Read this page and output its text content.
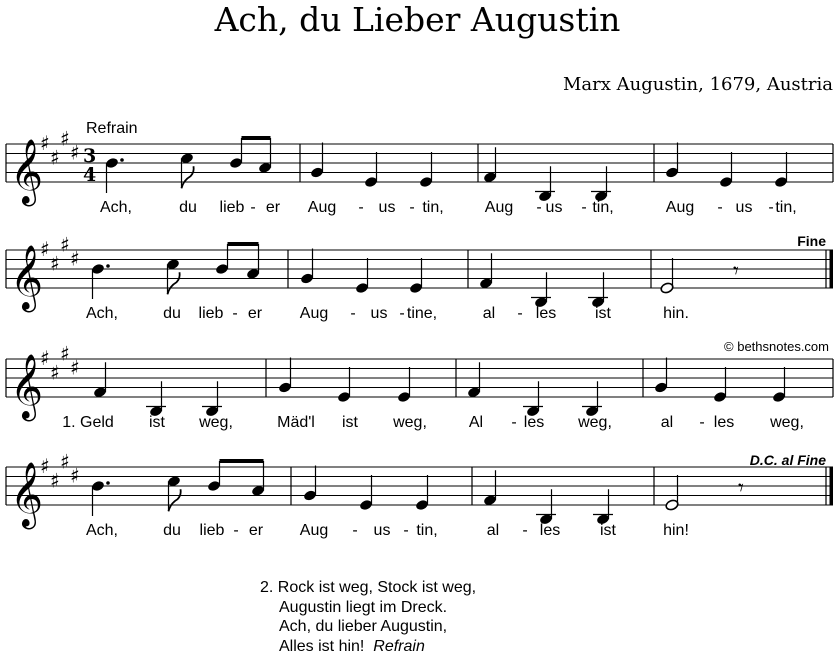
Ach, du Lieber Augustin
Marx Augustin, 1679, Austria
Refrain
Fine
© bethsnotes.com
D.C. al Fine
𝄞
♯
♯
♯
♯ 3
4
Ach,	du lieb - er Aug - us - tin,	Aug - us - tin,	Aug - us - tin,
𝄞
♯
♯
♯
♯
𝄾
Ach,	du lieb - er Aug - us - tine,	al - les ist	hin.
𝄞
♯
♯
♯
♯
1. Geld ist weg,	Mäd'l ist weg,	Al - les weg,	al - les weg,
𝄞
♯
♯
♯
♯
𝄾
Ach,	du lieb - er Aug - us - tin,	al - les ist	hin!
2. Rock ist weg, Stock ist weg,
Augustin liegt im Dreck.
Ach, du lieber Augustin,
Alles ist hin! Refrain
